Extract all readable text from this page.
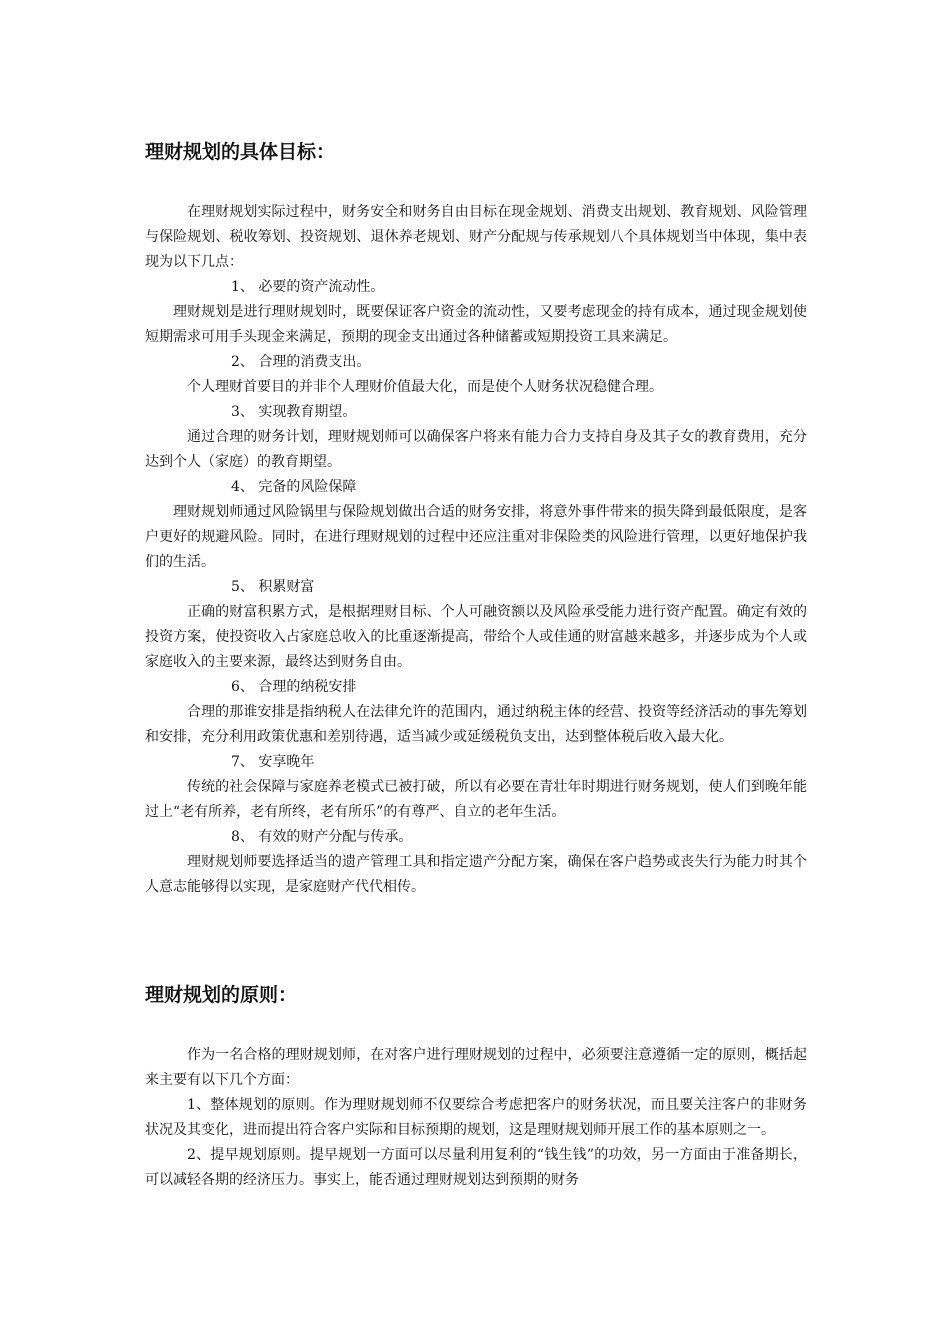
理财规划的具体目标：

在理财规划实际过程中，财务安全和财务自由目标在现金规划、消费支出规划、教育规划、风险管理与保险规划、税收筹划、投资规划、退休养老规划、财产分配规与传承规划八个具体规划当中体现，集中表现为以下几点：

1、 必要的资产流动性。

理财规划是进行理财规划时，既要保证客户资金的流动性，又要考虑现金的持有成本，通过现金规划使短期需求可用手头现金来满足，预期的现金支出通过各种储蓄或短期投资工具来满足。

2、 合理的消费支出。

个人理财首要目的并非个人理财价值最大化，而是使个人财务状况稳健合理。

3、 实现教育期望。

通过合理的财务计划，理财规划师可以确保客户将来有能力合力支持自身及其子女的教育费用，充分达到个人（家庭）的教育期望。

4、 完备的风险保障

理财规划师通过风险锅里与保险规划做出合适的财务安排，将意外事件带来的损失降到最低限度，是客户更好的规避风险。同时，在进行理财规划的过程中还应注重对非保险类的风险进行管理，以更好地保护我们的生活。

5、 积累财富

正确的财富积累方式，是根据理财目标、个人可融资额以及风险承受能力进行资产配置。确定有效的投资方案，使投资收入占家庭总收入的比重逐渐提高，带给个人或佳通的财富越来越多，并逐步成为个人或家庭收入的主要来源，最终达到财务自由。

6、 合理的纳税安排

合理的那谁安排是指纳税人在法律允许的范围内，通过纳税主体的经营、投资等经济活动的事先筹划和安排，充分利用政策优惠和差别待遇，适当减少或延缓税负支出，达到整体税后收入最大化。

7、 安享晚年

传统的社会保障与家庭养老模式已被打破，所以有必要在青壮年时期进行财务规划，使人们到晚年能过上“老有所养，老有所终，老有所乐”的有尊严、自立的老年生活。

8、 有效的财产分配与传承。

理财规划师要选择适当的遗产管理工具和指定遗产分配方案，确保在客户趋势或丧失行为能力时其个人意志能够得以实现，是家庭财产代代相传。

理财规划的原则：

作为一名合格的理财规划师，在对客户进行理财规划的过程中，必须要注意遵循一定的原则，概括起来主要有以下几个方面：

1、整体规划的原则。作为理财规划师不仅要综合考虑把客户的财务状况，而且要关注客户的非财务状况及其变化，进而提出符合客户实际和目标预期的规划，这是理财规划师开展工作的基本原则之一。

2、提早规划原则。提早规划一方面可以尽量利用复利的“钱生钱”的功效，另一方面由于准备期长，可以减轻各期的经济压力。事实上，能否通过理财规划达到预期的财务
